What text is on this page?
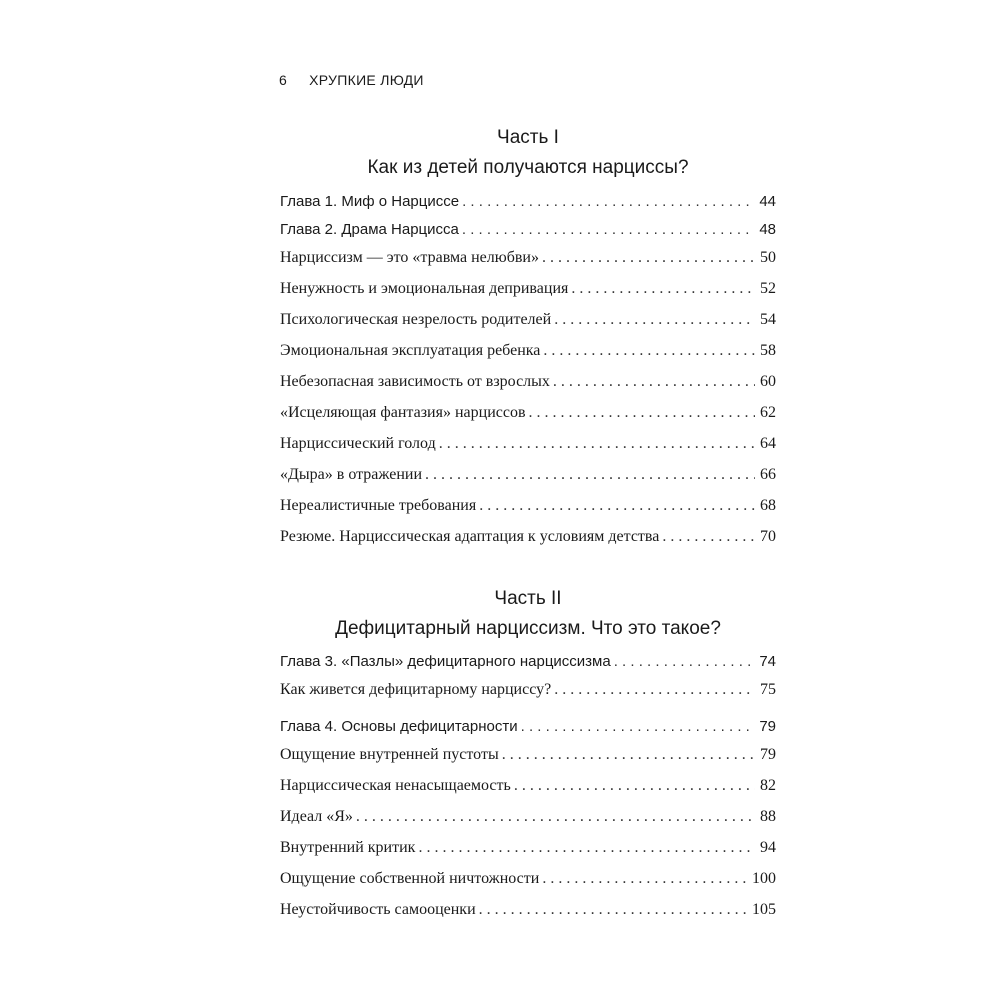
6 ХРУПКИЕ ЛЮДИ
Часть I
Как из детей получаются нарциссы?
Глава 1. Миф о Нарциссе . . .	44
Глава 2. Драма Нарцисса . . .	48
Нарциссизм — это «травма нелюбви» . . .	50
Ненужность и эмоциональная депривация . . .	52
Психологическая незрелость родителей . . .	54
Эмоциональная эксплуатация ребенка . . .	58
Небезопасная зависимость от взрослых . . .	60
«Исцеляющая фантазия» нарциссов . . .	62
Нарциссический голод . . .	64
«Дыра» в отражении . . .	66
Нереалистичные требования . . .	68
Резюме. Нарциссическая адаптация к условиям детства . . .	70
Часть II
Дефицитарный нарциссизм. Что это такое?
Глава 3. «Пазлы» дефицитарного нарциссизма . . .	74
Как живется дефицитарному нарциссу? . . .	75
Глава 4. Основы дефицитарности . . .	79
Ощущение внутренней пустоты . . .	79
Нарциссическая ненасыщаемость . . .	82
Идеал «Я» . . .	88
Внутренний критик . . .	94
Ощущение собственной ничтожности . . .	100
Неустойчивость самооценки . . .	105
